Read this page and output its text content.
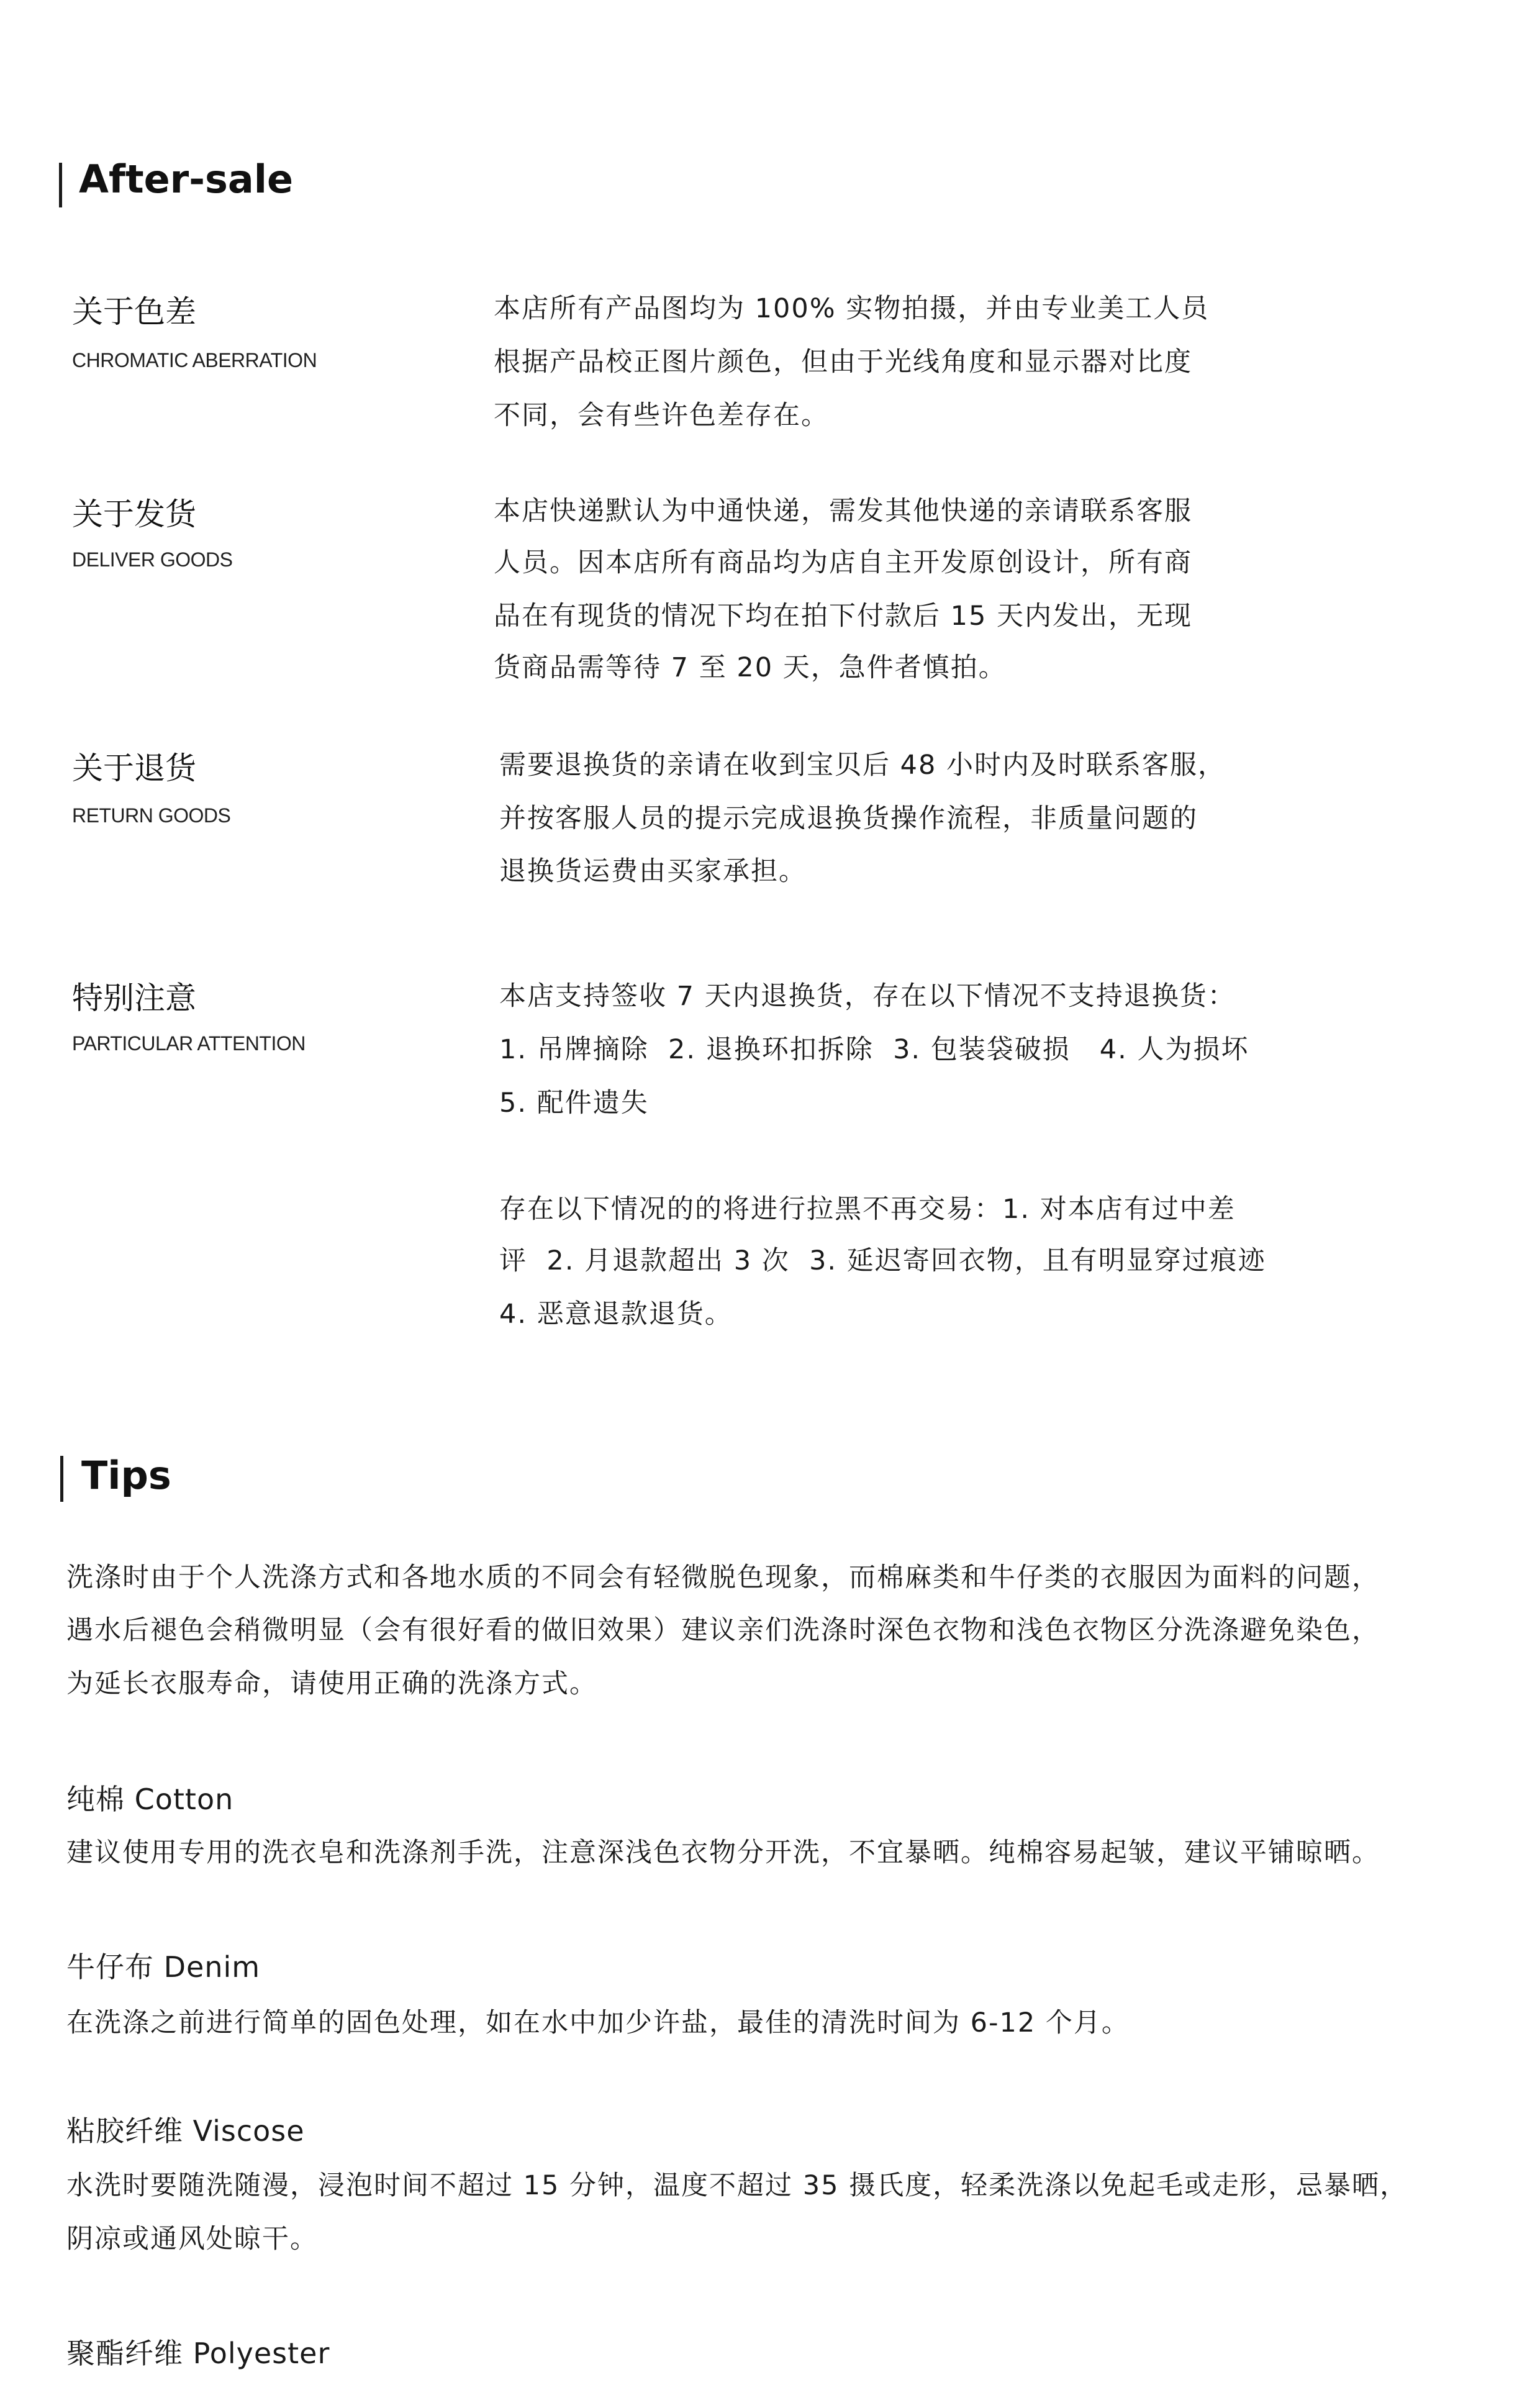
After-sale
关于色差
CHROMATIC ABERRATION
本店所有产品图均为 100% 实物拍摄，并由专业美工人员
根据产品校正图片颜色，但由于光线角度和显示器对比度
不同，会有些许色差存在。
关于发货
DELIVER GOODS
本店快递默认为中通快递，需发其他快递的亲请联系客服
人员。因本店所有商品均为店自主开发原创设计，所有商
品在有现货的情况下均在拍下付款后 15 天内发出，无现
货商品需等待 7 至 20 天，急件者慎拍。
关于退货
RETURN GOODS
需要退换货的亲请在收到宝贝后 48 小时内及时联系客服，
并按客服人员的提示完成退换货操作流程，非质量问题的
退换货运费由买家承担。
特别注意
PARTICULAR ATTENTION
本店支持签收 7 天内退换货，存在以下情况不支持退换货：
1. 吊牌摘除  2. 退换环扣拆除  3. 包装袋破损   4. 人为损坏
5. 配件遗失
存在以下情况的的将进行拉黑不再交易：1. 对本店有过中差
评  2. 月退款超出 3 次  3. 延迟寄回衣物，且有明显穿过痕迹
4. 恶意退款退货。
Tips
洗涤时由于个人洗涤方式和各地水质的不同会有轻微脱色现象，而棉麻类和牛仔类的衣服因为面料的问题，
遇水后褪色会稍微明显（会有很好看的做旧效果）建议亲们洗涤时深色衣物和浅色衣物区分洗涤避免染色，
为延长衣服寿命，请使用正确的洗涤方式。
纯棉 Cotton
建议使用专用的洗衣皂和洗涤剂手洗，注意深浅色衣物分开洗，不宜暴晒。纯棉容易起皱，建议平铺晾晒。
牛仔布 Denim
在洗涤之前进行简单的固色处理，如在水中加少许盐，最佳的清洗时间为 6-12 个月。
粘胶纤维 Viscose
水洗时要随洗随漫，浸泡时间不超过 15 分钟，温度不超过 35 摄氏度，轻柔洗涤以免起毛或走形，忌暴晒，
阴凉或通风处晾干。
聚酯纤维 Polyester
